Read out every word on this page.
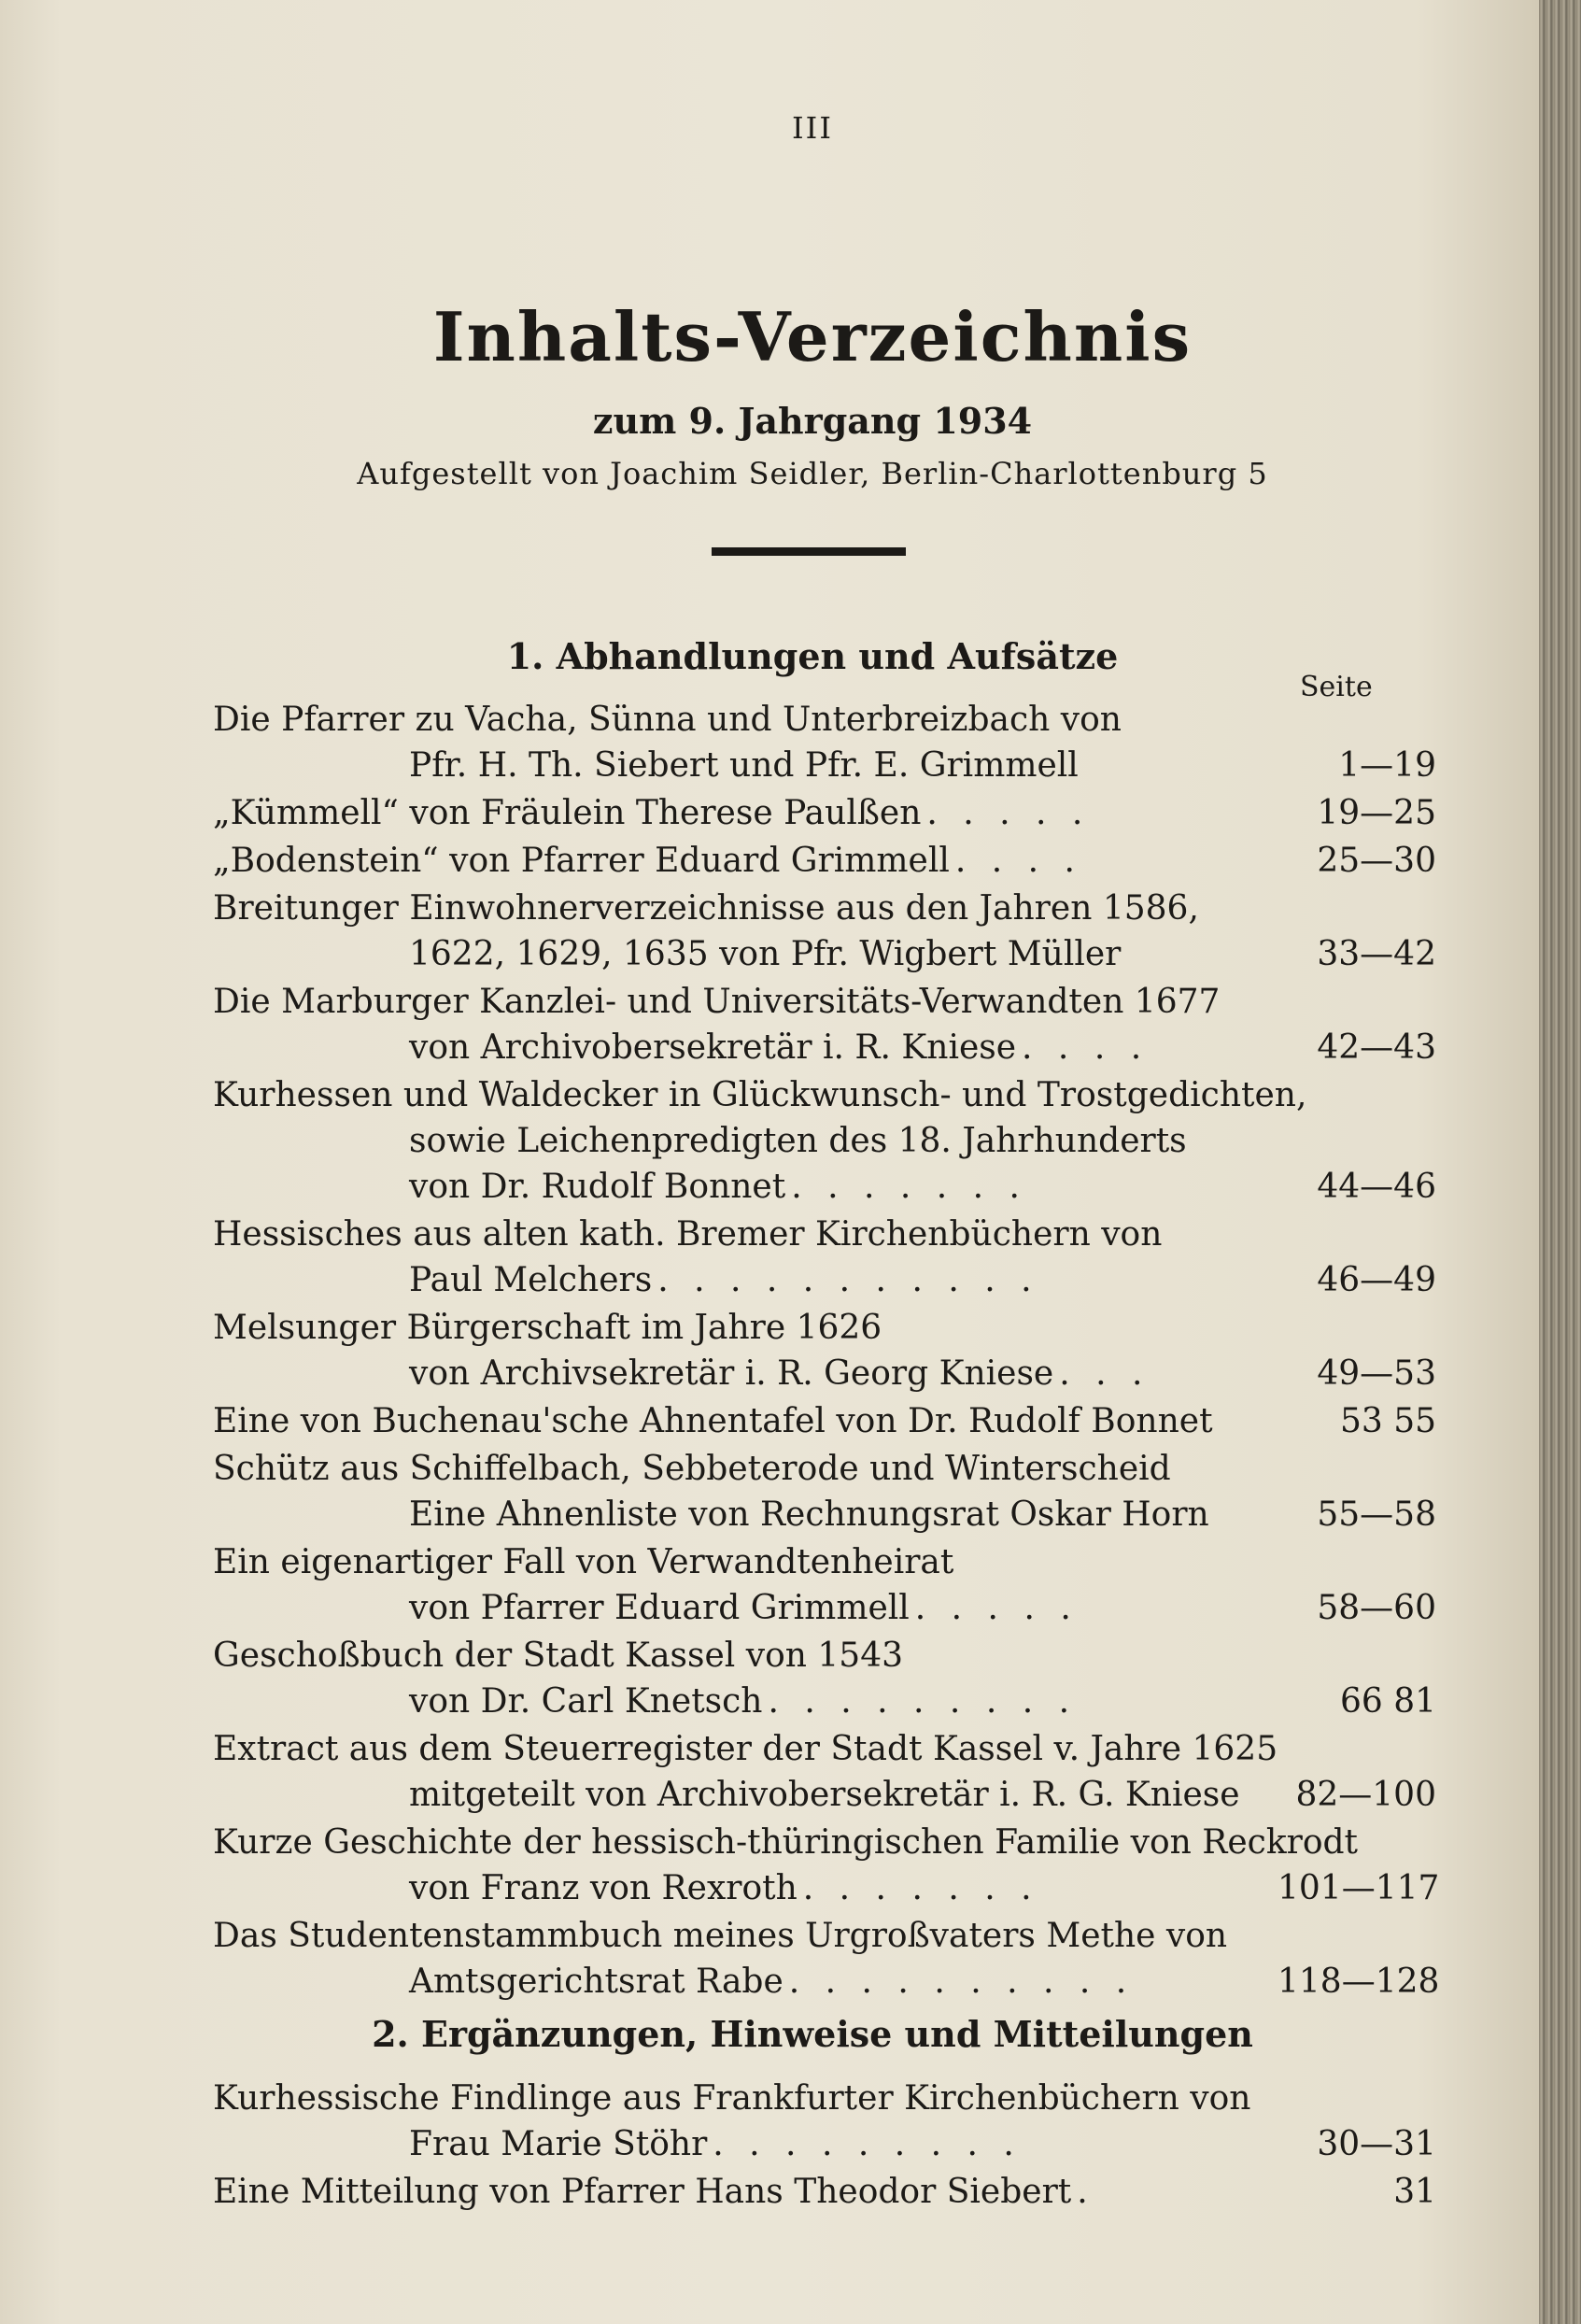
III
Inhalts-Verzeichnis
zum 9. Jahrgang 1934
Aufgestellt von Joachim Seidler, Berlin-Charlottenburg 5
1. Abhandlungen und Aufsätze
Seite
Die Pfarrer zu Vacha, Sünna und Unterbreizbach von
Pfr. H. Th. Siebert und Pfr. E. Grimmell	1—19
„Kümmell“ von Fräulein Therese Paulßen . . . . .	19—25
„Bodenstein“ von Pfarrer Eduard Grimmell . . . .	25—30
Breitunger Einwohnerverzeichnisse aus den Jahren 1586,
1622, 1629, 1635 von Pfr. Wigbert Müller	33—42
Die Marburger Kanzlei- und Universitäts-Verwandten 1677
von Archivobersekretär i. R. Kniese . . . .	42—43
Kurhessen und Waldecker in Glückwunsch- und Trostgedichten,
sowie Leichenpredigten des 18. Jahrhunderts
von Dr. Rudolf Bonnet . . . . . . .	44—46
Hessisches aus alten kath. Bremer Kirchenbüchern von
Paul Melchers . . . . . . . . . . .	46—49
Melsunger Bürgerschaft im Jahre 1626
von Archivsekretär i. R. Georg Kniese . . .	49—53
Eine von Buchenau'sche Ahnentafel von Dr. Rudolf Bonnet	53 55
Schütz aus Schiffelbach, Sebbeterode und Winterscheid
Eine Ahnenliste von Rechnungsrat Oskar Horn	55—58
Ein eigenartiger Fall von Verwandtenheirat
von Pfarrer Eduard Grimmell . . . . .	58—60
Geschoßbuch der Stadt Kassel von 1543
von Dr. Carl Knetsch . . . . . . . . .	66 81
Extract aus dem Steuerregister der Stadt Kassel v. Jahre 1625
mitgeteilt von Archivobersekretär i. R. G. Kniese	82—100
Kurze Geschichte der hessisch-thüringischen Familie von Reckrodt
von Franz von Rexroth . . . . . . .	101—117
Das Studentenstammbuch meines Urgroßvaters Methe von
Amtsgerichtsrat Rabe . . . . . . . . . .	118—128
2. Ergänzungen, Hinweise und Mitteilungen
Kurhessische Findlinge aus Frankfurter Kirchenbüchern von
Frau Marie Stöhr . . . . . . . . .	30—31
Eine Mitteilung von Pfarrer Hans Theodor Siebert .	31
